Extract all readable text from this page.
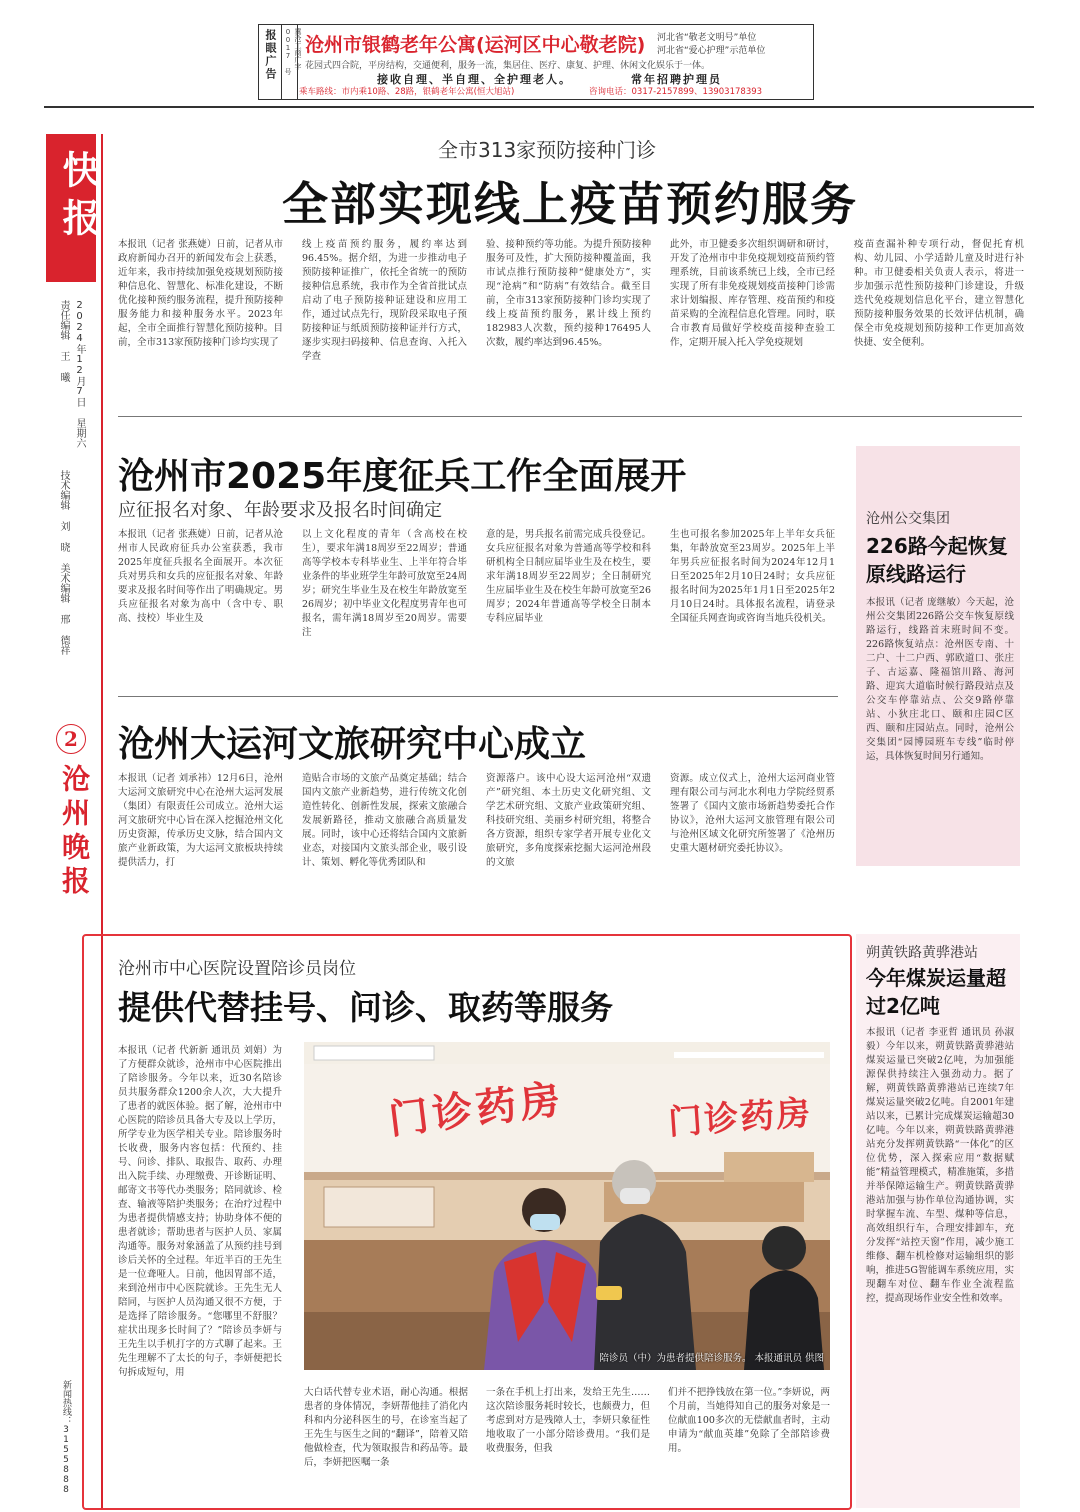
报眼广告	冀沧工商广字 0017 号 沧州市银鹤老年公寓(运河区中心敬老院) 河北省“敬老文明号”单位
河北省“爱心护理”示范单位
花园式四合院，平房结构，交通便利，服务一流，集居住、医疗、康复、护理、休闲文化娱乐于一体。
接收自理、半自理、全护理老人。	常年招聘护理员
乘车路线：市内乘10路、28路，银鹤老年公寓(恒大旭站)	咨询电话：0317-2157899、13903178393
快报
2024年12月7日 星期六
责任编辑 王 曦
技术编辑 刘 晓 美术编辑 邢 德祥
2
沧州晚报
新闻热线：3155888
全市313家预防接种门诊
全部实现线上疫苗预约服务
本报讯（记者 张燕婕）日前，记者从市政府新闻办召开的新闻发布会上获悉，近年来，我市持续加强免疫规划预防接种信息化、智慧化、标准化建设，不断优化接种预约服务流程，提升预防接种服务能力和接种服务水平。2023年起，全市全面推行智慧化预防接种。目前，全市313家预防接种门诊均实现了
线上疫苗预约服务，履约率达到96.45%。据介绍，为进一步推动电子预防接种证推广，依托全省统一的预防接种信息系统，我市作为全省首批试点启动了电子预防接种证建设和应用工作，通过试点先行，现阶段采取电子预防接种证与纸质预防接种证并行方式，逐步实现扫码接种、信息查询、入托入学查
验、接种预约等功能。为提升预防接种服务可及性，扩大预防接种覆盖面，我市试点推行预防接种“健康处方”，实现“沧病”和“防病”有效结合。截至目前，全市313家预防接种门诊均实现了线上疫苗预约服务，累计线上预约182983人次数，预约接种176495人次数，履约率达到96.45%。
此外，市卫健委多次组织调研和研讨，开发了沧州市中非免疫规划疫苗预约管理系统，目前该系统已上线，全市已经实现了所有非免疫规划疫苗接种门诊需求计划编报、库存管理、疫苗预约和疫苗采购的全流程信息化管理。同时，联合市教育局做好学校疫苗接种查验工作，定期开展入托入学免疫规划
疫苗查漏补种专项行动，督促托育机构、幼儿园、小学适龄儿童及时进行补种。市卫健委相关负责人表示，将进一步加强示范性预防接种门诊建设，升级迭代免疫规划信息化平台，建立智慧化预防接种服务效果的长效评估机制，确保全市免疫规划预防接种工作更加高效快捷、安全便利。
沧州公交集团
226路今起恢复原线路运行
本报讯（记者 庞继敏）今天起，沧州公交集团226路公交车恢复原线路运行，线路首末班时间不变。226路恢复站点：沧州医专南、十二户、十二户西、郭欧道口、张庄子、古运嘉、隆福馆川路、海河路、迎宾大道临时候行路段站点及公交车停靠站点、公交9路停靠站、小狄庄北口、颐和庄园C区西、颐和庄园站点。同时，沧州公交集团“园博园班车专线”临时停运，具体恢复时间另行通知。
朔黄铁路黄骅港站
今年煤炭运量超过2亿吨
本报讯（记者 李亚哲 通讯员 孙淑毅）今年以来，朔黄铁路黄骅港站煤炭运量已突破2亿吨，为加强能源保供持续注入强劲动力。据了解，朔黄铁路黄骅港站已连续7年煤炭运量突破2亿吨。自2001年建站以来，已累计完成煤炭运输超30亿吨。今年以来，朔黄铁路黄骅港站充分发挥朔黄铁路“一体化”的区位优势，深入探索应用“数据赋能”精益管理模式，精准施策，多措并举保障运输生产。朔黄铁路黄骅港站加强与协作单位沟通协调，实时掌握车流、车型、煤种等信息，高效组织行车，合理安排卸车，充分发挥“站控天窗”作用，减少施工维修、翻车机检修对运输组织的影响，推进5G智能调车系统应用，实现翻车对位、翻车作业全流程监控，提高现场作业安全性和效率。
沧州市2025年度征兵工作全面展开
应征报名对象、年龄要求及报名时间确定
本报讯（记者 张燕婕）日前，记者从沧州市人民政府征兵办公室获悉，我市2025年度征兵报名全面展开。本次征兵对男兵和女兵的应征报名对象、年龄要求及报名时间等作出了明确规定。男兵应征报名对象为高中（含中专、职高、技校）毕业生及
以上文化程度的青年（含高校在校生），要求年满18周岁至22周岁；普通高等学校本专科毕业生、上半年符合毕业条件的毕业班学生年龄可放宽至24周岁；研究生毕业生及在校生年龄放宽至26周岁；初中毕业文化程度男青年也可报名，需年满18周岁至20周岁。需要注
意的是，男兵报名前需完成兵役登记。女兵应征报名对象为普通高等学校和科研机构全日制应届毕业生及在校生，要求年满18周岁至22周岁；全日制研究生应届毕业生及在校生年龄可放宽至26周岁；2024年普通高等学校全日制本专科应届毕业
生也可报名参加2025年上半年女兵征集，年龄放宽至23周岁。2025年上半年男兵应征报名时间为2024年12月1日至2025年2月10日24时；女兵应征报名时间为2025年1月1日至2025年2月10日24时。具体报名流程，请登录全国征兵网查询或咨询当地兵役机关。
沧州大运河文旅研究中心成立
本报讯（记者 刘承祎）12月6日，沧州大运河文旅研究中心在沧州大运河发展（集团）有限责任公司成立。沧州大运河文旅研究中心旨在深入挖掘沧州文化历史资源，传承历史文脉，结合国内文旅产业新政策，为大运河文旅板块持续提供活力，打
造贴合市场的文旅产品奠定基础；结合国内文旅产业新趋势，进行传统文化创造性转化、创新性发展，探索文旅融合发展新路径，推动文旅融合高质量发展。同时，该中心还将结合国内文旅新业态，对接国内文旅头部企业，吸引设计、策划、孵化等优秀团队和
资源落户。该中心设大运河沧州“双遗产”研究组、本土历史文化研究组、文学艺术研究组、文旅产业政策研究组、科技研究组、美丽乡村研究组，将整合各方资源，组织专家学者开展专业化文旅研究，多角度探索挖掘大运河沧州段的文旅
资源。成立仪式上，沧州大运河商业管理有限公司与河北水利电力学院经贸系签署了《国内文旅市场新趋势委托合作协议》，沧州大运河文旅管理有限公司与沧州区域文化研究所签署了《沧州历史重大题材研究委托协议》。
沧州市中心医院设置陪诊员岗位
提供代替挂号、问诊、取药等服务
本报讯（记者 代新新 通讯员 刘娟）为了方便群众就诊，沧州市中心医院推出了陪诊服务。今年以来，近30名陪诊员共服务群众1200余人次，大大提升了患者的就医体验。据了解，沧州市中心医院的陪诊员具备大专及以上学历，所学专业为医学相关专业。陪诊服务时长收费，服务内容包括：代预约、挂号、问诊、排队、取报告、取药、办理出入院手续、办理缴费、开诊断证明、邮寄文书等代办类服务；陪同就诊、检查、输液等陪护类服务；在治疗过程中为患者提供情感支持；协助身体不便的患者就诊；帮助患者与医护人员、家属沟通等。服务对象涵盖了从预约挂号到诊后关怀的全过程。年近半百的王先生是一位聋哑人。日前，他因胃部不适，来到沧州市中心医院就诊。王先生无人陪同，与医护人员沟通又很不方便，于是选择了陪诊服务。“您哪里不舒服？症状出现多长时间了？”陪诊员李妍与王先生以手机打字的方式聊了起来。王先生理解不了太长的句子，李妍便把长句拆成短句，用
门诊药房	门诊药房
陪诊员（中）为患者提供陪诊服务。 本报通讯员 供图
大白话代替专业术语，耐心沟通。根据患者的身体情况，李妍帮他挂了消化内科和内分泌科医生的号，在诊室当起了王先生与医生之间的“翻译”，陪着又陪他做检查，代为领取报告和药品等。最后，李妍把医嘱一条
一条在手机上打出来，发给王先生……这次陪诊服务耗时较长，也颇费力，但考虑到对方是残障人士，李妍只象征性地收取了一小部分陪诊费用。“我们是收费服务，但我
们并不把挣钱放在第一位。”李妍说，两个月前，当她得知自己的服务对象是一位献血100多次的无偿献血者时，主动申请为“献血英雄”免除了全部陪诊费用。
